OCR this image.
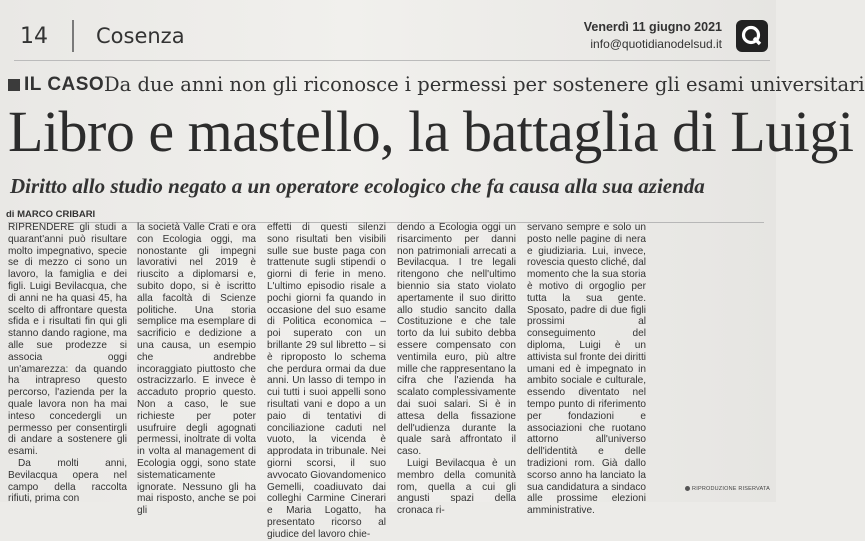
14 Cosenza	Venerdì 11 giugno 2021
info@quotidianodelsud.it
IL CASO Da due anni non gli riconosce i permessi per sostenere gli esami universitari
Libro e mastello, la battaglia di Luigi
Diritto allo studio negato a un operatore ecologico che fa causa alla sua azienda
di MARCO CRIBARI

RIPRENDERE gli studi a quarant'anni può risultare molto impegnativo, specie se di mezzo ci sono un lavoro, la famiglia e dei figli. Luigi Bevilacqua, che di anni ne ha quasi 45, ha scelto di affrontare questa sfida e i risultati fin qui gli stanno dando ragione, ma alle sue prodezze si associa oggi un'amarezza: da quando ha intrapreso questo percorso, l'azienda per la quale lavora non ha mai inteso concedergli un permesso per consentirgli di andare a sostenere gli esami.

Da molti anni, Bevilacqua opera nel campo della raccolta rifiuti, prima con

la società Valle Crati e ora con Ecologia oggi, ma nonostante gli impegni lavorativi nel 2019 è riuscito a diplomarsi e, subito dopo, si è iscritto alla facoltà di Scienze politiche. Una storia semplice ma esemplare di sacrificio e dedizione a una causa, un esempio che andrebbe incoraggiato piuttosto che ostracizzarlo. E invece è accaduto proprio questo. Non a caso, le sue richieste per poter usufruire degli agognati permessi, inoltrate di volta in volta al management di Ecologia oggi, sono state sistematicamente ignorate. Nessuno gli ha mai risposto, anche se poi gli

effetti di questi silenzi sono risultati ben visibili sulle sue buste paga con trattenute sugli stipendi o giorni di ferie in meno. L'ultimo episodio risale a pochi giorni fa quando in occasione del suo esame di Politica economica – poi superato con un brillante 29 sul libretto – si è riproposto lo schema che perdura ormai da due anni. Un lasso di tempo in cui tutti i suoi appelli sono risultati vani e dopo a un paio di tentativi di conciliazione caduti nel vuoto, la vicenda è approdata in tribunale. Nei giorni scorsi, il suo avvocato Giovandomenico Gemelli, coadiuvato dai colleghi Carmine Cinerari e Maria Logatto, ha presentato ricorso al giudice del lavoro chie-

dendo a Ecologia oggi un risarcimento per danni non patrimoniali arrecati a Bevilacqua. I tre legali ritengono che nell'ultimo biennio sia stato violato apertamente il suo diritto allo studio sancito dalla Costituzione e che tale torto da lui subito debba essere compensato con ventimila euro, più altre mille che rappresentano la cifra che l'azienda ha scalato complessivamente dai suoi salari. Si è in attesa della fissazione dell'udienza durante la quale sarà affrontato il caso.

Luigi Bevilacqua è un membro della comunità rom, quella a cui gli angusti spazi della cronaca ri-

servano sempre e solo un posto nelle pagine di nera e giudiziaria. Lui, invece, rovescia questo cliché, dal momento che la sua storia è motivo di orgoglio per tutta la sua gente. Sposato, padre di due figli prossimi al conseguimento del diploma, Luigi è un attivista sul fronte dei diritti umani ed è impegnato in ambito sociale e culturale, essendo diventato nel tempo punto di riferimento per fondazioni e associazioni che ruotano attorno all'universo dell'identità e delle tradizioni rom. Già dallo scorso anno ha lanciato la sua candidatura a sindaco alle prossime elezioni amministrative.

RIPRODUZIONE RISERVATA
